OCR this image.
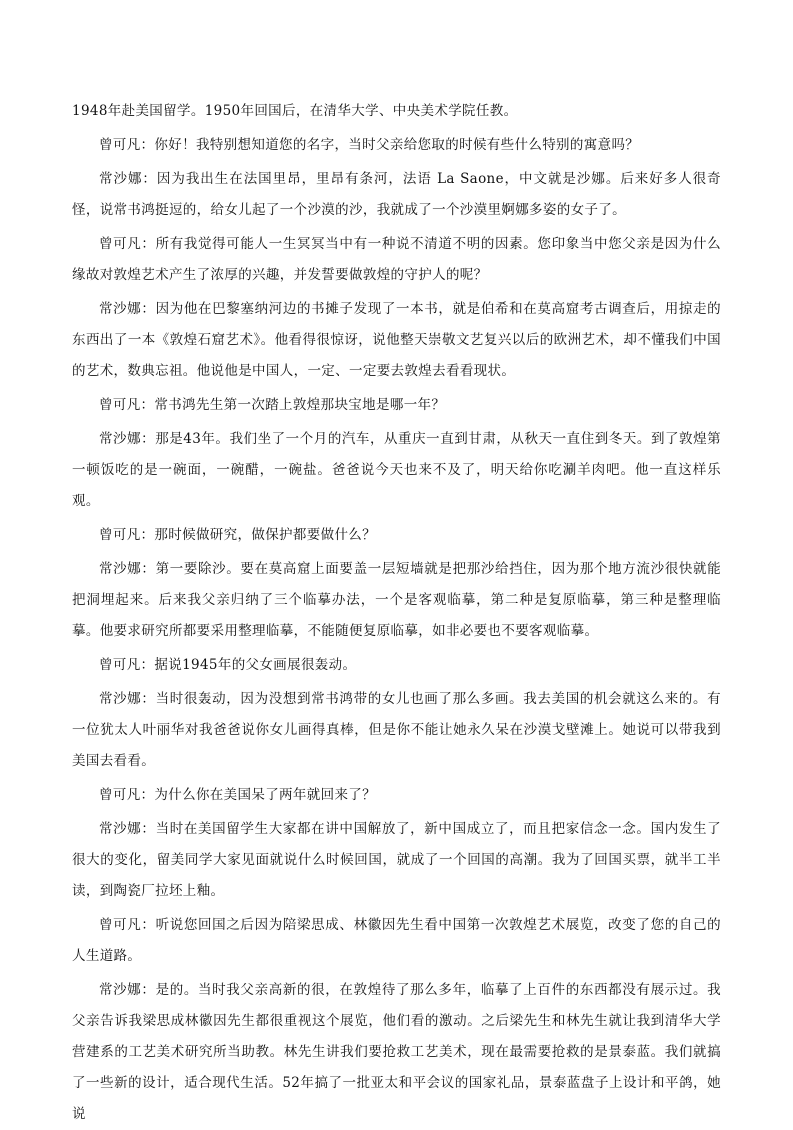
1948年赴美国留学。1950年回国后，在清华大学、中央美术学院任教。

曾可凡：你好！我特别想知道您的名字，当时父亲给您取的时候有些什么特别的寓意吗？

常沙娜：因为我出生在法国里昂，里昂有条河，法语 La Saone，中文就是沙娜。后来好多人很奇怪，说常书鸿挺逗的，给女儿起了一个沙漠的沙，我就成了一个沙漠里婀娜多姿的女子了。

曾可凡：所有我觉得可能人一生冥冥当中有一种说不清道不明的因素。您印象当中您父亲是因为什么缘故对敦煌艺术产生了浓厚的兴趣，并发誓要做敦煌的守护人的呢？

常沙娜：因为他在巴黎塞纳河边的书摊子发现了一本书，就是伯希和在莫高窟考古调查后，用掠走的东西出了一本《敦煌石窟艺术》。他看得很惊讶，说他整天崇敬文艺复兴以后的欧洲艺术，却不懂我们中国的艺术，数典忘祖。他说他是中国人，一定、一定要去敦煌去看看现状。

曾可凡：常书鸿先生第一次踏上敦煌那块宝地是哪一年？

常沙娜：那是43年。我们坐了一个月的汽车，从重庆一直到甘肃，从秋天一直住到冬天。到了敦煌第一顿饭吃的是一碗面，一碗醋，一碗盐。爸爸说今天也来不及了，明天给你吃涮羊肉吧。他一直这样乐观。

曾可凡：那时候做研究，做保护都要做什么？

常沙娜：第一要除沙。要在莫高窟上面要盖一层短墙就是把那沙给挡住，因为那个地方流沙很快就能把洞埋起来。后来我父亲归纳了三个临摹办法，一个是客观临摹，第二种是复原临摹，第三种是整理临摹。他要求研究所都要采用整理临摹，不能随便复原临摹，如非必要也不要客观临摹。

曾可凡：据说1945年的父女画展很轰动。

常沙娜：当时很轰动，因为没想到常书鸿带的女儿也画了那么多画。我去美国的机会就这么来的。有一位犹太人叶丽华对我爸爸说你女儿画得真棒，但是你不能让她永久呆在沙漠戈壁滩上。她说可以带我到美国去看看。

曾可凡：为什么你在美国呆了两年就回来了？

常沙娜：当时在美国留学生大家都在讲中国解放了，新中国成立了，而且把家信念一念。国内发生了很大的变化，留美同学大家见面就说什么时候回国，就成了一个回国的高潮。我为了回国买票，就半工半读，到陶瓷厂拉坯上釉。

曾可凡：听说您回国之后因为陪梁思成、林徽因先生看中国第一次敦煌艺术展览，改变了您的自己的人生道路。

常沙娜：是的。当时我父亲高新的很，在敦煌待了那么多年，临摹了上百件的东西都没有展示过。我父亲告诉我梁思成林徽因先生都很重视这个展览，他们看的激动。之后梁先生和林先生就让我到清华大学营建系的工艺美术研究所当助教。林先生讲我们要抢救工艺美术，现在最需要抢救的是景泰蓝。我们就搞了一些新的设计，适合现代生活。52年搞了一批亚太和平会议的国家礼品，景泰蓝盘子上设计和平鸽，她说
